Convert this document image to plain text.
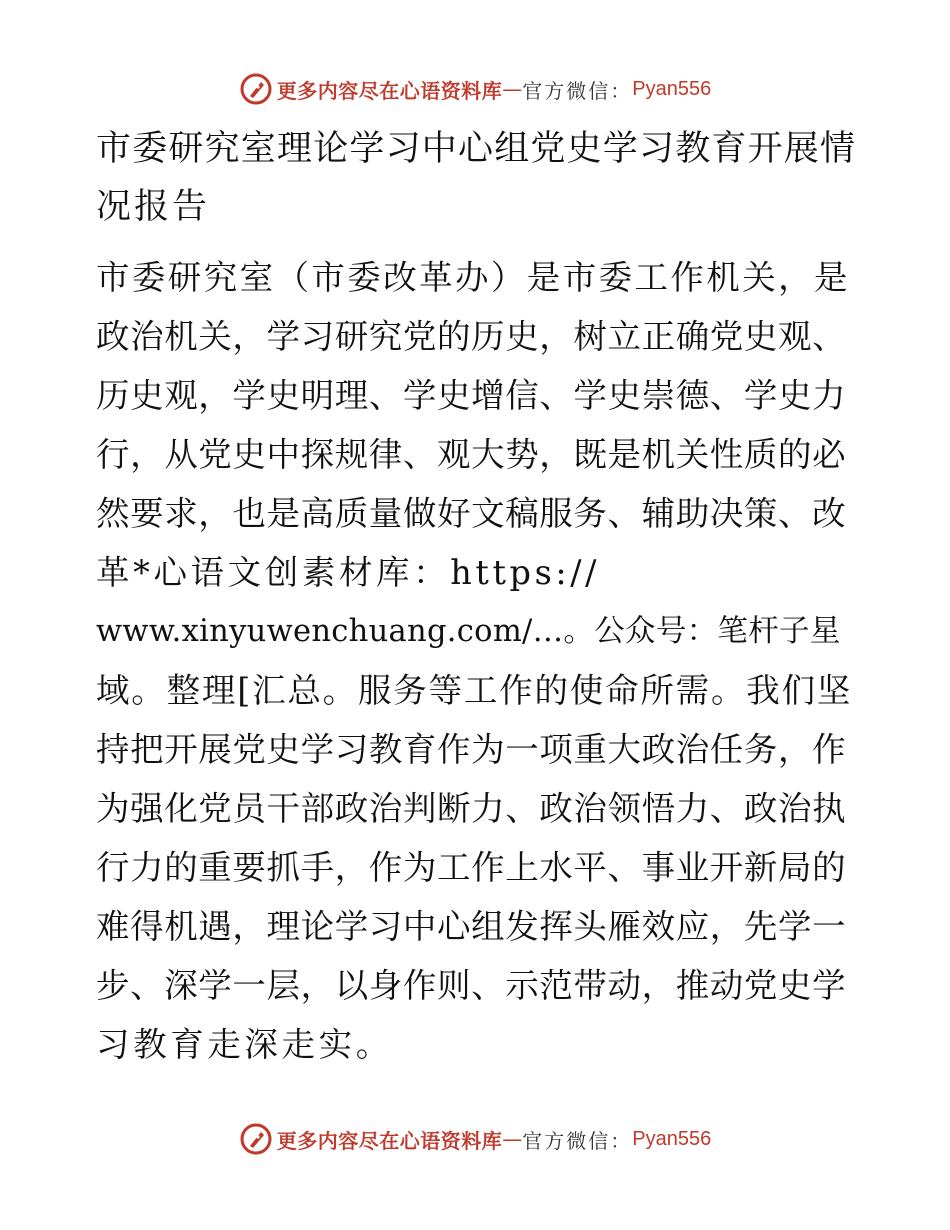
更多内容尽在心语资料库 — 官方微信： Pyan556
市委研究室理论学习中心组党史学习教育开展情
况报告
市委研究室（市委改革办）是市委工作机关，是
政治机关，学习研究党的历史，树立正确党史观、
历史观，学史明理、学史增信、学史崇德、学史力
行，从党史中探规律、观大势，既是机关性质的必
然要求，也是高质量做好文稿服务、辅助决策、改
革*心语文创素材库：https://
www.xinyuwenchuang.com/…。公众号：笔杆子星
域。整理[汇总。服务等工作的使命所需。我们坚
持把开展党史学习教育作为一项重大政治任务，作
为强化党员干部政治判断力、政治领悟力、政治执
行力的重要抓手，作为工作上水平、事业开新局的
难得机遇，理论学习中心组发挥头雁效应，先学一
步、深学一层，以身作则、示范带动，推动党史学
习教育走深走实。
更多内容尽在心语资料库 — 官方微信： Pyan556
